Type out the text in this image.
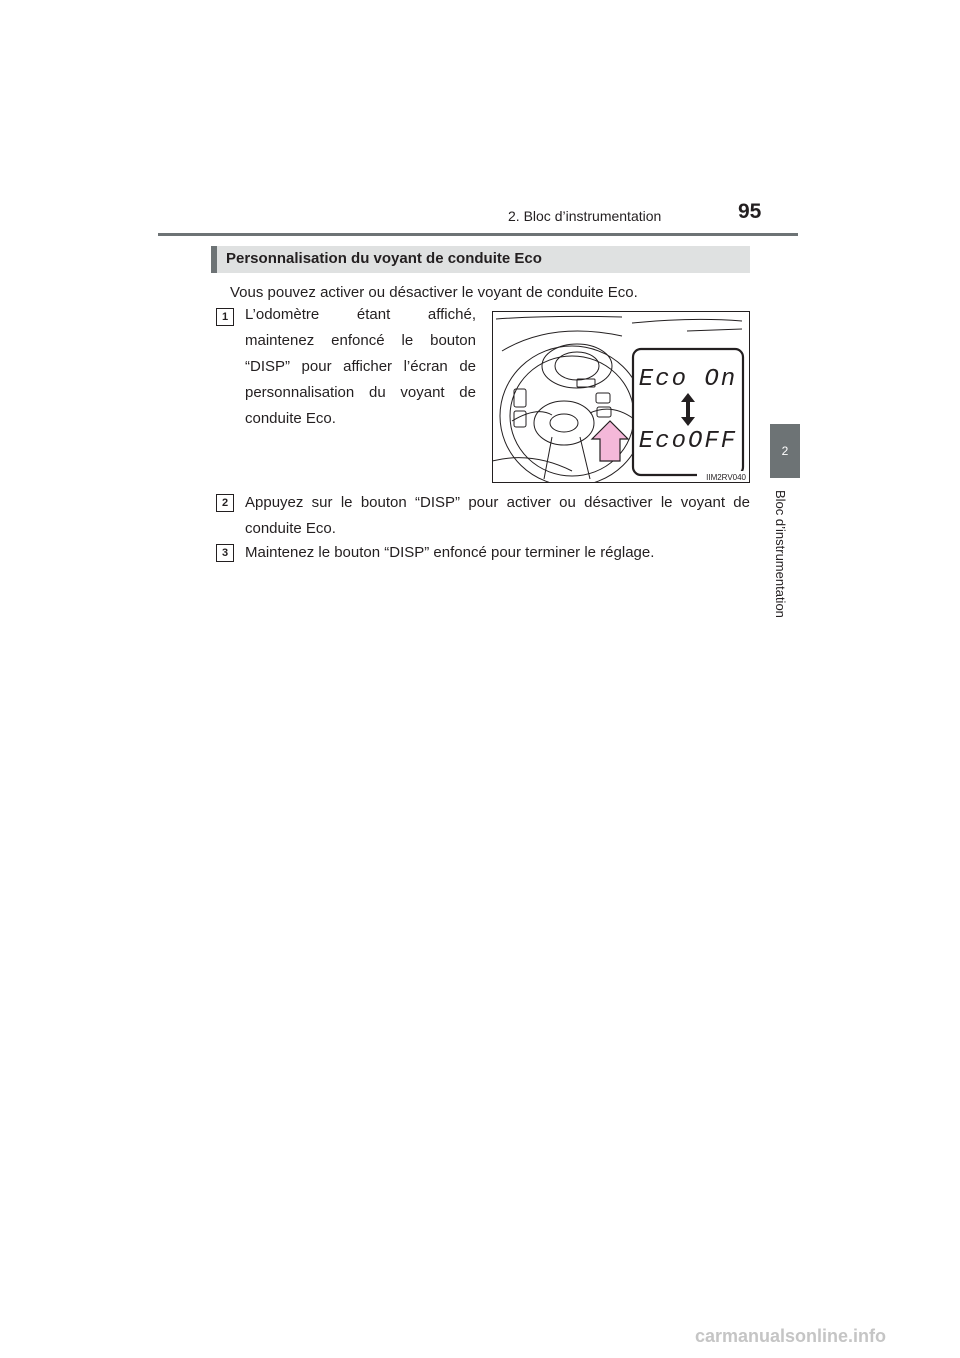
2. Bloc d’instrumentation	95
2
Bloc d’instrumentation
Personnalisation du voyant de conduite Eco
Vous pouvez activer ou désactiver le voyant de conduite Eco.
1	L’odomètre étant affiché, maintenez enfoncé le bouton “DISP” pour afficher l’écran de personnalisation du voyant de conduite Eco.
2	Appuyez sur le bouton “DISP” pour activer ou désactiver le voyant de conduite Eco.
3	Maintenez le bouton “DISP” enfoncé pour terminer le réglage.
Eco On
EcoOFF
IIM2RV040
carmanualsonline.info
